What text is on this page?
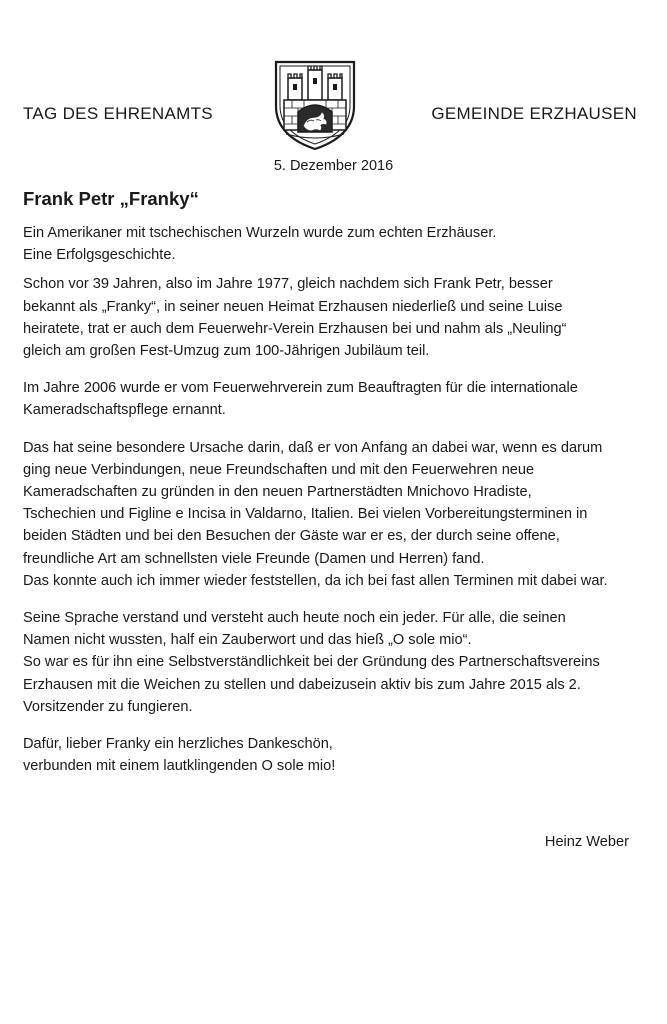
TAG DES EHRENAMTS	GEMEINDE ERZHAUSEN
5. Dezember 2016
Frank Petr „Franky“

Ein Amerikaner mit tschechischen Wurzeln wurde zum echten Erzhäuser.
Eine Erfolgsgeschichte.

Schon vor 39 Jahren, also im Jahre 1977, gleich nachdem sich Frank Petr, besser
bekannt als „Franky“, in seiner neuen Heimat Erzhausen niederließ und seine Luise
heiratete, trat er auch dem Feuerwehr-Verein Erzhausen bei und nahm als „Neuling“
gleich am großen Fest-Umzug zum 100-Jährigen Jubiläum teil.

Im Jahre 2006 wurde er vom Feuerwehrverein zum Beauftragten für die internationale
Kameradschaftspflege ernannt.

Das hat seine besondere Ursache darin, daß er von Anfang an dabei war, wenn es darum
ging neue Verbindungen, neue Freundschaften und mit den Feuerwehren neue
Kameradschaften zu gründen in den neuen Partnerstädten Mnichovo Hradiste,
Tschechien und Figline e Incisa in Valdarno, Italien. Bei vielen Vorbereitungsterminen in
beiden Städten und bei den Besuchen der Gäste war er es, der durch seine offene,
freundliche Art am schnellsten viele Freunde (Damen und Herren) fand.
Das konnte auch ich immer wieder feststellen, da ich bei fast allen Terminen mit dabei war.

Seine Sprache verstand und versteht auch heute noch ein jeder. Für alle, die seinen
Namen nicht wussten, half ein Zauberwort und das hieß „O sole mio“.
So war es für ihn eine Selbstverständlichkeit bei der Gründung des Partnerschaftsvereins
Erzhausen mit die Weichen zu stellen und dabeizusein aktiv bis zum Jahre 2015 als 2.
Vorsitzender zu fungieren.

Dafür, lieber Franky ein herzliches Dankeschön,
verbunden mit einem lautklingenden O sole mio!

Heinz Weber
